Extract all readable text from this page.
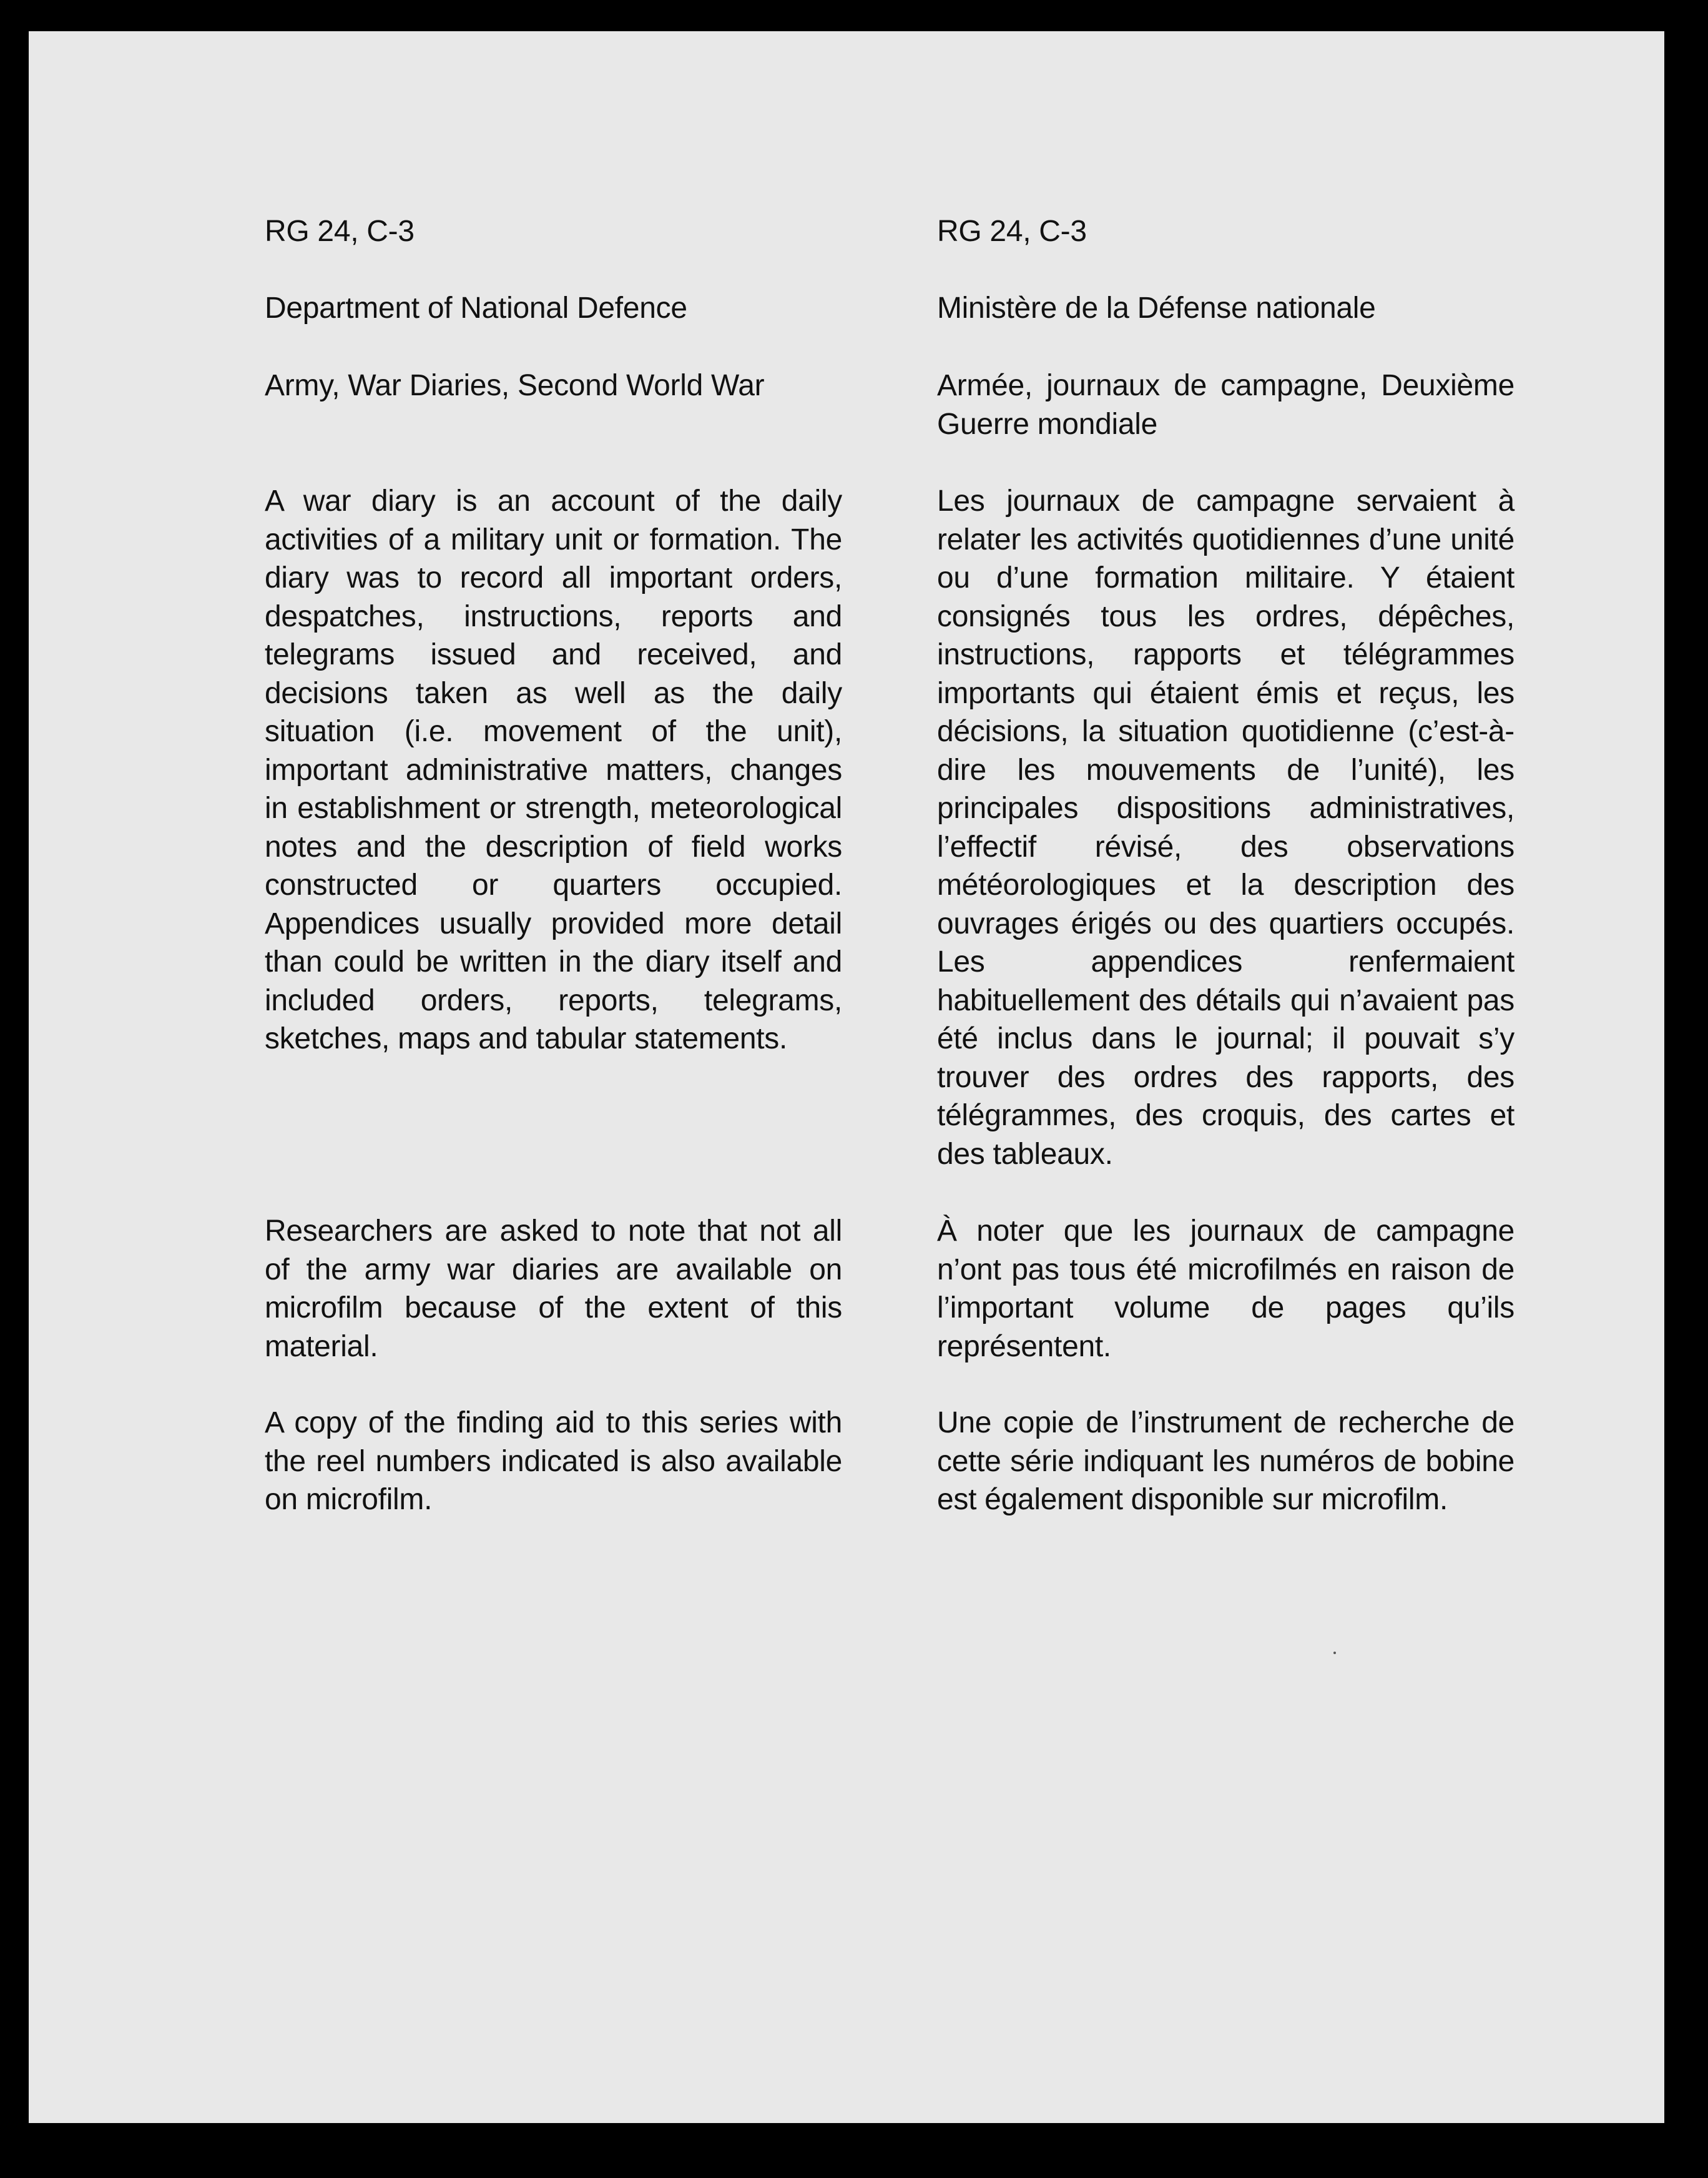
RG 24, C-3

Department of National Defence

Army, War Diaries, Second World War

A war diary is an account of the daily activities of a military unit or formation. The diary was to record all important orders, despatches, instructions, reports and telegrams issued and received, and decisions taken as well as the daily situation (i.e. movement of the unit), important administrative matters, changes in establishment or strength, meteorological notes and the description of field works constructed or quarters occupied. Appendices usually provided more detail than could be written in the diary itself and included orders, reports, telegrams, sketches, maps and tabular statements.

Researchers are asked to note that not all of the army war diaries are available on microfilm because of the extent of this material.

A copy of the finding aid to this series with the reel numbers indicated is also available on microfilm.

RG 24, C-3

Ministère de la Défense nationale

Armée, journaux de campagne, Deuxième Guerre mondiale

Les journaux de campagne servaient à relater les activités quotidiennes d’une unité ou d’une formation militaire. Y étaient consignés tous les ordres, dépêches, instructions, rapports et télégrammes importants qui étaient émis et reçus, les décisions, la situation quotidienne (c’est-à-dire les mouvements de l’unité), les principales dispositions administratives, l’effectif révisé, des observations météorologiques et la description des ouvrages érigés ou des quartiers occupés. Les appendices renfermaient habituellement des détails qui n’avaient pas été inclus dans le journal; il pouvait s’y trouver des ordres des rapports, des télégrammes, des croquis, des cartes et des tableaux.

À noter que les journaux de campagne n’ont pas tous été microfilmés en raison de l’important volume de pages qu’ils représentent.

Une copie de l’instrument de recherche de cette série indiquant les numéros de bobine est également disponible sur microfilm.
